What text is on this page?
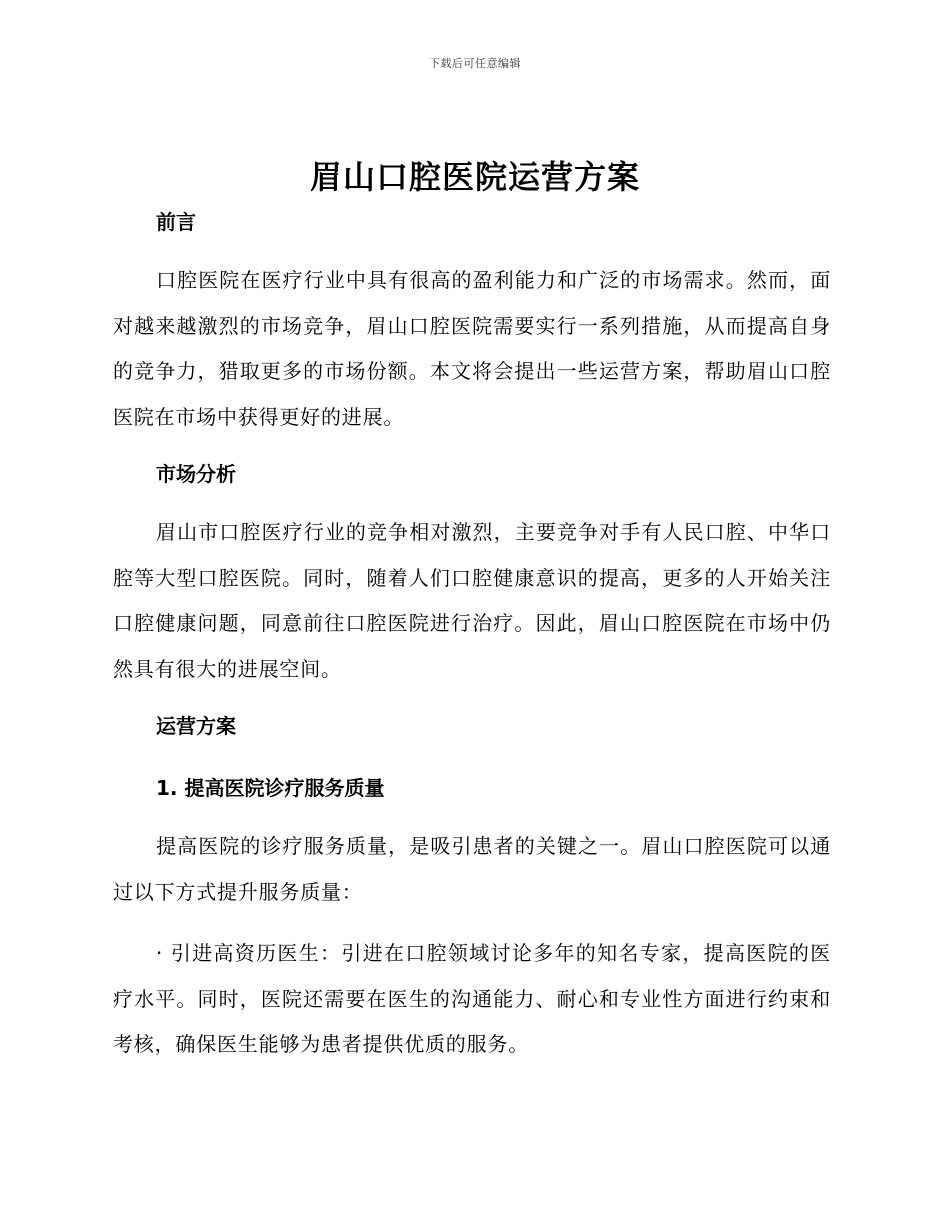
下载后可任意编辑
眉山口腔医院运营方案

前言

口腔医院在医疗行业中具有很高的盈利能力和广泛的市场需求。然而，面对越来越激烈的市场竞争，眉山口腔医院需要实行一系列措施，从而提高自身的竞争力，猎取更多的市场份额。本文将会提出一些运营方案，帮助眉山口腔医院在市场中获得更好的进展。

市场分析

眉山市口腔医疗行业的竞争相对激烈，主要竞争对手有人民口腔、中华口腔等大型口腔医院。同时，随着人们口腔健康意识的提高，更多的人开始关注口腔健康问题，同意前往口腔医院进行治疗。因此，眉山口腔医院在市场中仍然具有很大的进展空间。

运营方案

1. 提高医院诊疗服务质量

提高医院的诊疗服务质量，是吸引患者的关键之一。眉山口腔医院可以通过以下方式提升服务质量：

· 引进高资历医生：引进在口腔领域讨论多年的知名专家，提高医院的医疗水平。同时，医院还需要在医生的沟通能力、耐心和专业性方面进行约束和考核，确保医生能够为患者提供优质的服务。
